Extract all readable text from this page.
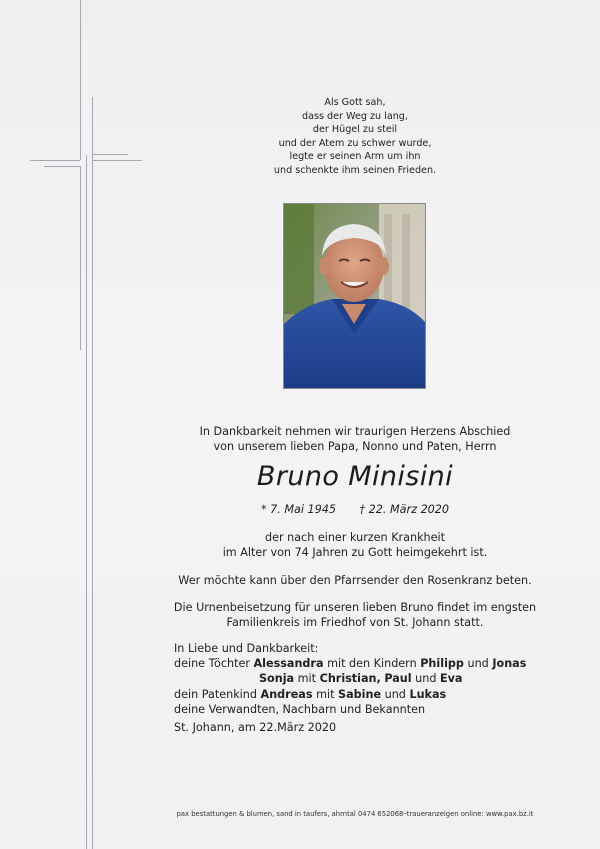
Als Gott sah,
dass der Weg zu lang,
der Hügel zu steil
und der Atem zu schwer wurde,
legte er seinen Arm um ihn
und schenkte ihm seinen Frieden.
In Dankbarkeit nehmen wir traurigen Herzens Abschied
von unserem lieben Papa, Nonno und Paten, Herrn
Bruno Minisini
* 7. Mai 1945 † 22. März 2020
der nach einer kurzen Krankheit
im Alter von 74 Jahren zu Gott heimgekehrt ist.
Wer möchte kann über den Pfarrsender den Rosenkranz beten.
Die Urnenbeisetzung für unseren lieben Bruno findet im engsten
Familienkreis im Friedhof von St. Johann statt.
In Liebe und Dankbarkeit:
deine Töchter Alessandra mit den Kindern Philipp und Jonas
Sonja mit Christian, Paul und Eva
dein Patenkind Andreas mit Sabine und Lukas
deine Verwandten, Nachbarn und Bekannten
St. Johann, am 22.März 2020
pax bestattungen & blumen, sand in taufers, ahrntal 0474 652068–traueranzeigen online: www.pax.bz.it
